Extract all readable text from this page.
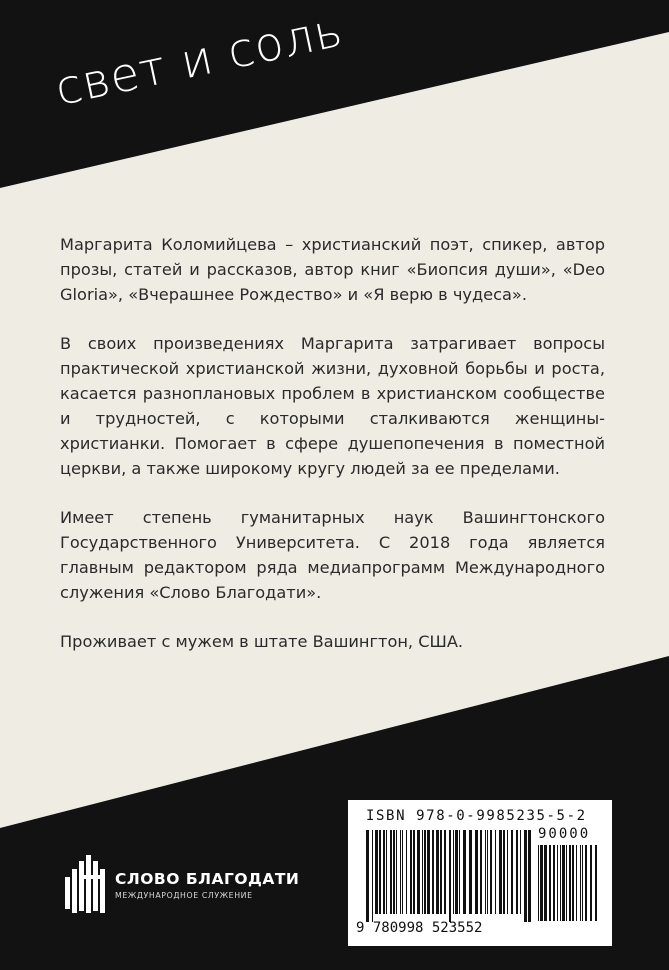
свет и соль

Маргарита Коломийцева – христианский поэт, спикер, автор прозы, статей и рассказов, автор книг «Биопсия души», «Deo Gloria», «Вчерашнее Рождество» и «Я верю в чудеса».

В своих произведениях Маргарита затрагивает вопросы практической христианской жизни, духовной борьбы и роста, касается разноплановых проблем в христианском сообществе и трудностей, с которыми сталкиваются женщины-христианки. Помогает в сфере душепопечения в поместной церкви, а также широкому кругу людей за ее пределами.

Имеет степень гуманитарных наук Вашингтонского Государственного Университета. С 2018 года является главным редактором ряда медиапрограмм Международного служения «Слово Благодати».

Проживает с мужем в штате Вашингтон, США.

СЛОВО БЛАГОДАТИ
МЕЖДУНАРОДНОЕ СЛУЖЕНИЕ
ISBN 978-0-9985235-5-2
90000
9 780998 523552
